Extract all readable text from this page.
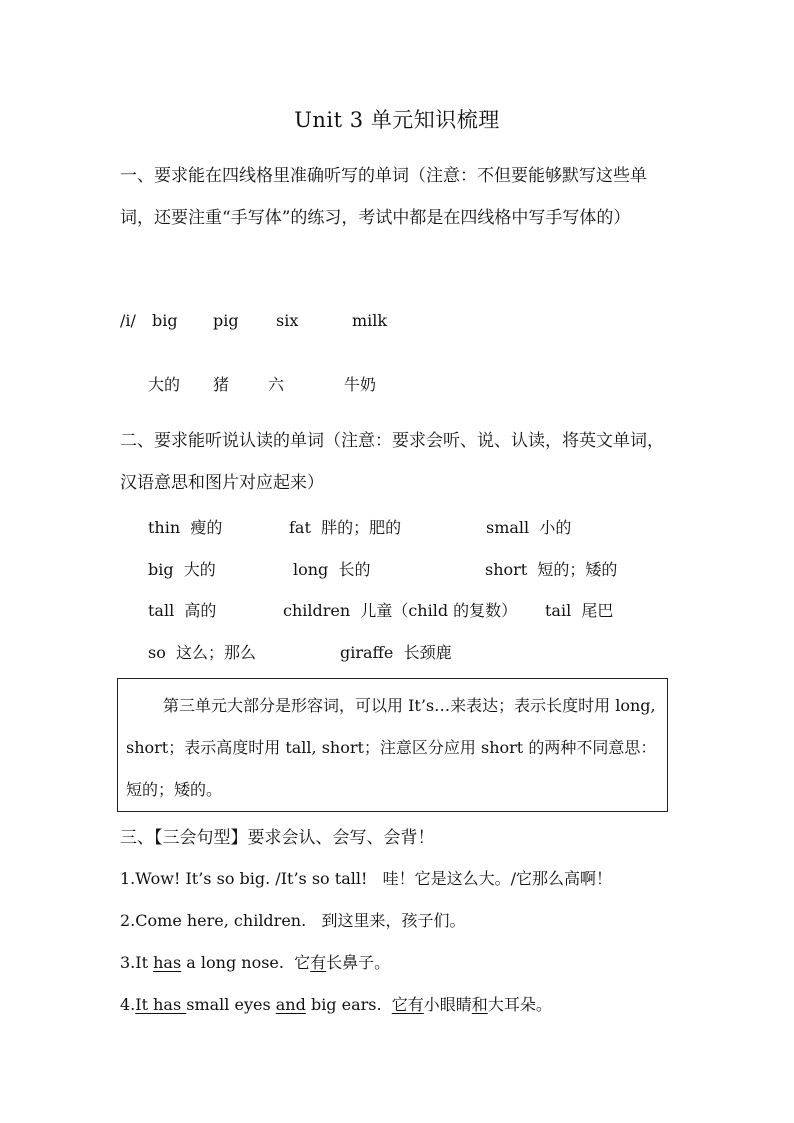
Unit 3 单元知识梳理
一、要求能在四线格里准确听写的单词（注意：不但要能够默写这些单词，还要注重“手写体”的练习，考试中都是在四线格中写手写体的）
/i/ big pig six	milk
大的 猪 六	牛奶
二、要求能听说认读的单词（注意：要求会听、说、认读，将英文单词，汉语意思和图片对应起来）
thin 瘦的	fat 胖的；肥的	small 小的
big 大的	long 长的	short 短的；矮的
tall 高的	children 儿童（child 的复数） tail 尾巴
so 这么；那么	giraffe 长颈鹿
第三单元大部分是形容词，可以用 It’s…来表达；表示长度时用 long, short；表示高度时用 tall, short；注意区分应用 short 的两种不同意思：短的；矮的。
三、【三会句型】要求会认、会写、会背！
1.Wow! It’s so big. /It’s so tall! 哇！它是这么大。/它那么高啊！
2.Come here, children. 到这里来，孩子们。
3.It has a long nose. 它有长鼻子。
4.It has small eyes and big ears. 它有小眼睛和大耳朵。
